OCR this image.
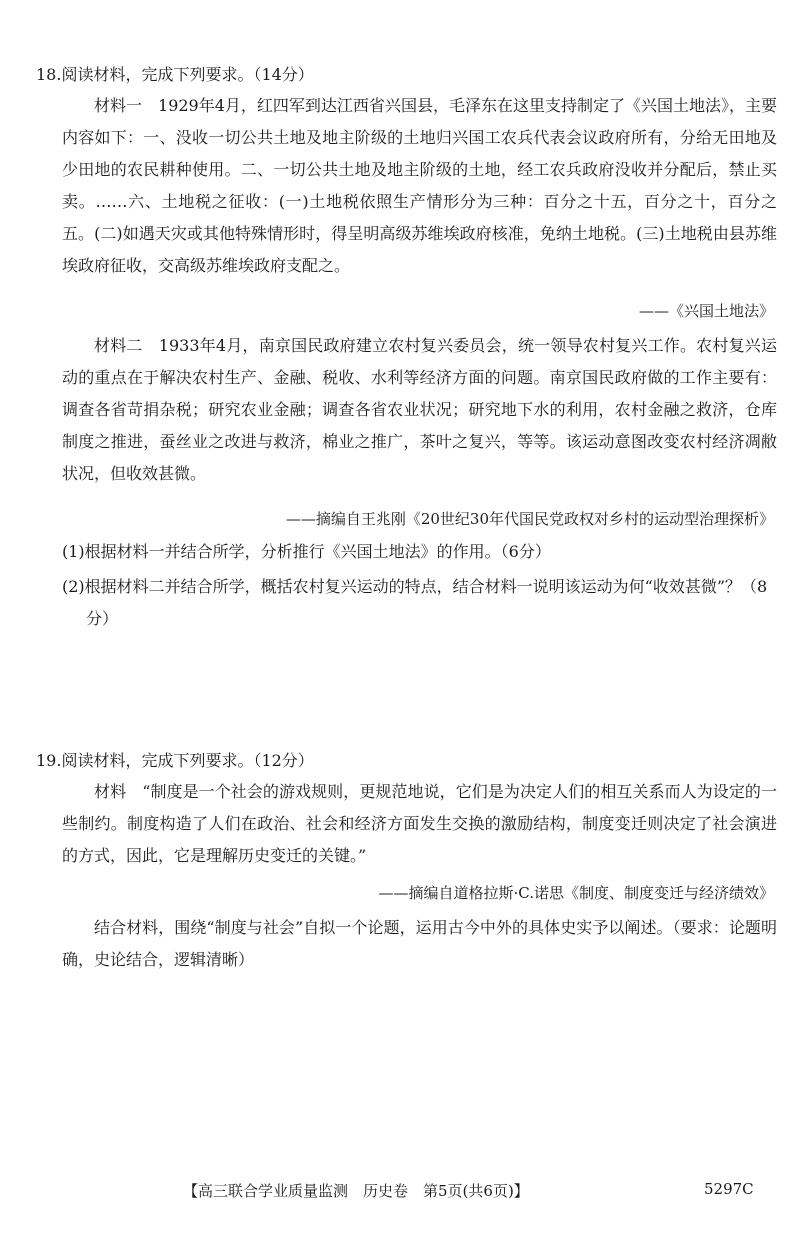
18.阅读材料，完成下列要求。（14分）
材料一　1929年4月，红四军到达江西省兴国县，毛泽东在这里支持制定了《兴国土地法》，主要内容如下：一、没收一切公共土地及地主阶级的土地归兴国工农兵代表会议政府所有，分给无田地及少田地的农民耕种使用。二、一切公共土地及地主阶级的土地，经工农兵政府没收并分配后，禁止买卖。……六、土地税之征收：(一)土地税依照生产情形分为三种：百分之十五，百分之十，百分之五。(二)如遇天灾或其他特殊情形时，得呈明高级苏维埃政府核准，免纳土地税。(三)土地税由县苏维埃政府征收，交高级苏维埃政府支配之。
——《兴国土地法》
材料二　1933年4月，南京国民政府建立农村复兴委员会，统一领导农村复兴工作。农村复兴运动的重点在于解决农村生产、金融、税收、水利等经济方面的问题。南京国民政府做的工作主要有：调查各省苛捐杂税；研究农业金融；调查各省农业状况；研究地下水的利用，农村金融之救济，仓库制度之推进，蚕丝业之改进与救济，棉业之推广，茶叶之复兴，等等。该运动意图改变农村经济凋敝状况，但收效甚微。
——摘编自王兆刚《20世纪30年代国民党政权对乡村的运动型治理探析》
(1)根据材料一并结合所学，分析推行《兴国土地法》的作用。（6分）
(2)根据材料二并结合所学，概括农村复兴运动的特点，结合材料一说明该运动为何“收效甚微”？（8分）
19.阅读材料，完成下列要求。（12分）
材料　“制度是一个社会的游戏规则，更规范地说，它们是为决定人们的相互关系而人为设定的一些制约。制度构造了人们在政治、社会和经济方面发生交换的激励结构，制度变迁则决定了社会演进的方式，因此，它是理解历史变迁的关键。”
——摘编自道格拉斯·C.诺思《制度、制度变迁与经济绩效》
结合材料，围绕“制度与社会”自拟一个论题，运用古今中外的具体史实予以阐述。（要求：论题明确，史论结合，逻辑清晰）
【高三联合学业质量监测　历史卷　第5页(共6页)】	5297C
